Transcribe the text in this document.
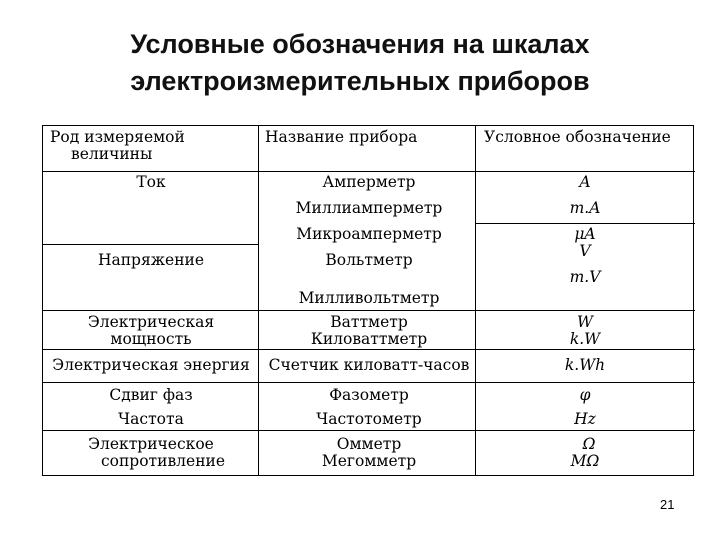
Условные обозначения на шкалах
электроизмерительных приборов
Род измеряемой
величины
Название прибора	Условное обозначение
Ток
Напряжение
Электрическая
мощность
Электрическая энергия
Сдвиг фаз
Частота
Электрическое
сопротивление
Амперметр
Миллиамперметр
Микроамперметр
Вольтметр
Милливольтметр
Ваттметр
Киловаттметр
Счетчик киловатт-часов
Фазометр
Частотометр
Омметр
Мегомметр
A
m.A
μA
V
m.V
W
k.W
k.Wh
φ
Hz
Ω
MΩ
21
